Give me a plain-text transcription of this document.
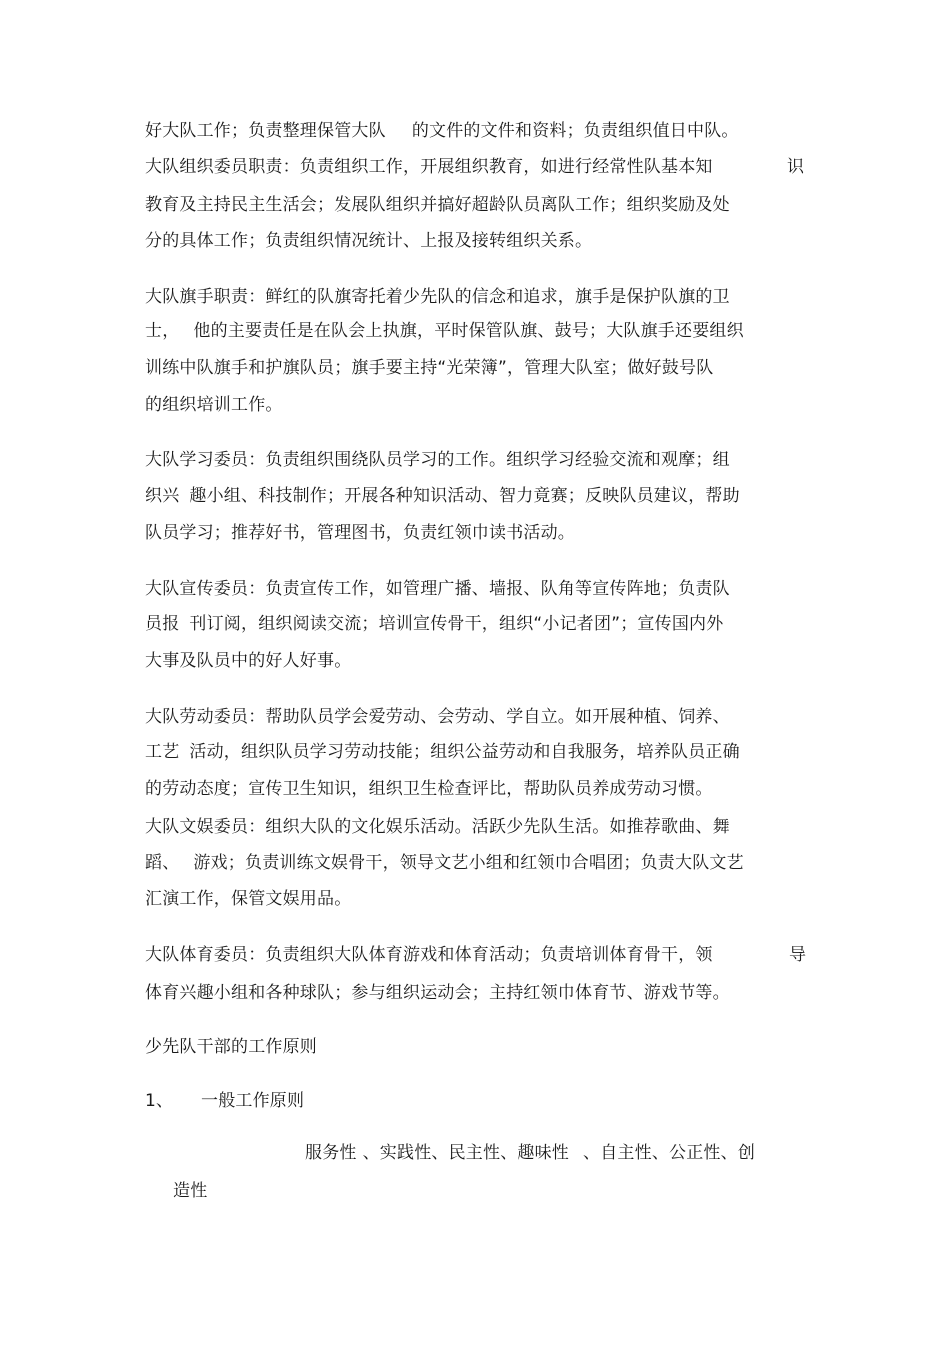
好大队工作；负责整理保管大队 的文件的文件和资料；负责组织值日中队。
大队组织委员职责：负责组织工作，开展组织教育，如进行经常性队基本知	识
教育及主持民主生活会；发展队组织并搞好超龄队员离队工作；组织奖励及处
分的具体工作；负责组织情况统计、上报及接转组织关系。
大队旗手职责：鲜红的队旗寄托着少先队的信念和追求，旗手是保护队旗的卫
士， 他的主要责任是在队会上执旗，平时保管队旗、鼓号；大队旗手还要组织
训练中队旗手和护旗队员；旗手要主持“光荣簿”，管理大队室；做好鼓号队
的组织培训工作。
大队学习委员：负责组织围绕队员学习的工作。组织学习经验交流和观摩；组
织兴 趣小组、科技制作；开展各种知识活动、智力竟赛；反映队员建议，帮助
队员学习；推荐好书，管理图书，负责红领巾读书活动。
大队宣传委员：负责宣传工作，如管理广播、墙报、队角等宣传阵地；负责队
员报 刊订阅，组织阅读交流；培训宣传骨干，组织“小记者团”；宣传国内外
大事及队员中的好人好事。
大队劳动委员：帮助队员学会爱劳动、会劳动、学自立。如开展种植、饲养、
工艺 活动，组织队员学习劳动技能；组织公益劳动和自我服务，培养队员正确
的劳动态度；宣传卫生知识，组织卫生检查评比，帮助队员养成劳动习惯。
大队文娱委员：组织大队的文化娱乐活动。活跃少先队生活。如推荐歌曲、舞
蹈、 游戏；负责训练文娱骨干，领导文艺小组和红领巾合唱团；负责大队文艺
汇演工作，保管文娱用品。
大队体育委员：负责组织大队体育游戏和体育活动；负责培训体育骨干，领	导
体育兴趣小组和各种球队；参与组织运动会；主持红领巾体育节、游戏节等。
少先队干部的工作原则
1、 一般工作原则
服务性 、实践性、民主性、趣味性 、自主性、公正性、创
造性
